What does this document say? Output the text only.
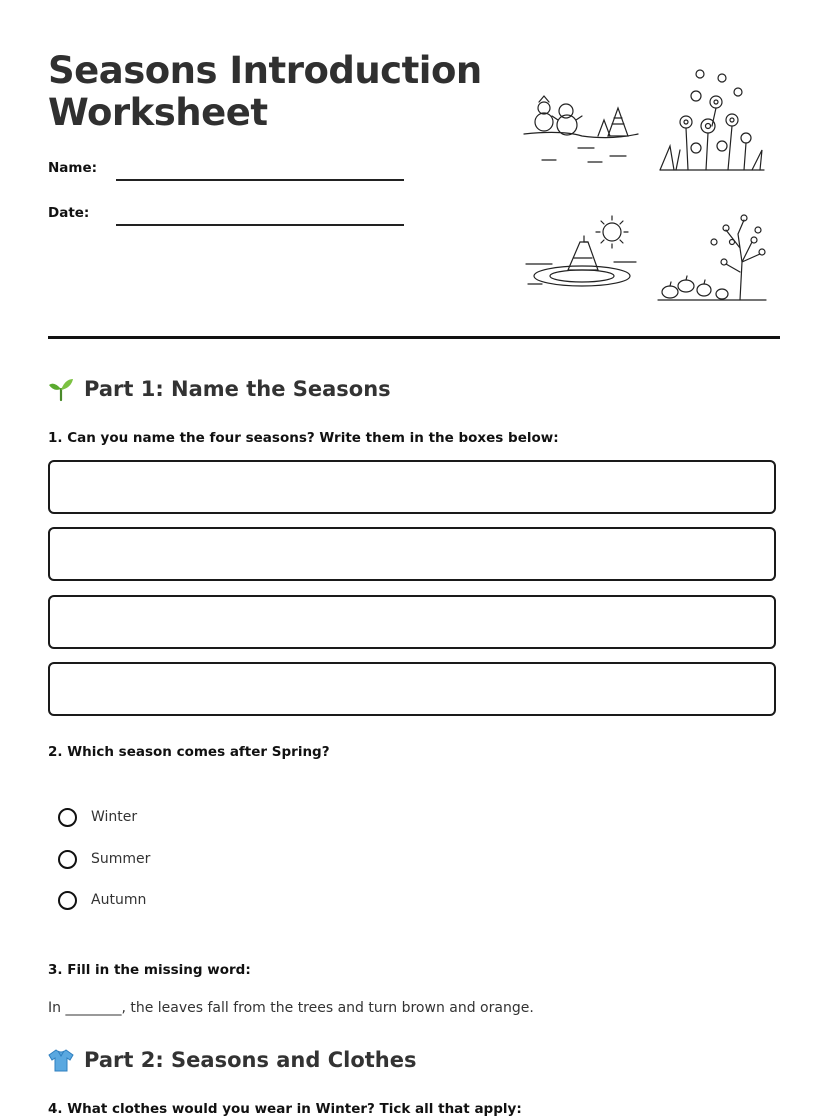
Seasons Introduction Worksheet
Name:
Date:
Part 1: Name the Seasons
1. Can you name the four seasons? Write them in the boxes below:
2. Which season comes after Spring?
Winter
Summer
Autumn
3. Fill in the missing word:
In ________, the leaves fall from the trees and turn brown and orange.
Part 2: Seasons and Clothes
4. What clothes would you wear in Winter? Tick all that apply:
